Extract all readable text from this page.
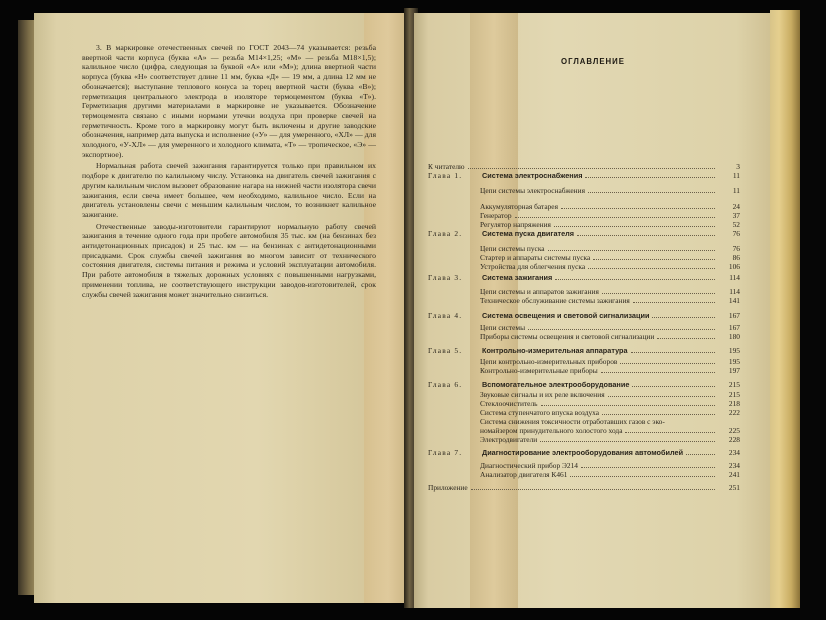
3. В маркировке отечественных свечей по ГОСТ 2043—74 указывается: резьба ввертной части корпуса (буква «А» — резьба М14×1,25; «М» — резьба М18×1,5); калильное число (цифра, следующая за буквой «А» или «М»); длина ввертной части корпуса (буква «Н» соответствует длине 11 мм, буква «Д» — 19 мм, а длина 12 мм не обозначается); выступание теплового конуса за торец ввертной части (буква «В»); герметизация центрального электрода в изоляторе термоцементом (буква «Т»). Герметизация другими материалами в маркировке не указывается. Обозначение термоцемента связано с иными нормами утечки воздуха при проверке свечей на герметичность. Кроме того в маркировку могут быть включены и другие заводские обозначения, например дата выпуска и исполнение («У» — для умеренного, «ХЛ» — для холодного, «У-ХЛ» — для умеренного и холодного климата, «Т» — тропическое, «Э» — экспортное).

Нормальная работа свечей зажигания гарантируется только при правильном их подборе к двигателю по калильному числу. Установка на двигатель свечей зажигания с другим калильным числом вызовет образование нагара на нижней части изолятора свечи зажигания, если свеча имеет большее, чем необходимо, калильное число. Если на двигатель установлены свечи с меньшим калильным числом, то возникнет калильное зажигание.

Отечественные заводы-изготовители гарантируют нормальную работу свечей зажигания в течение одного года при пробеге автомобиля 35 тыс. км (на бензинах без антидетонационных присадок) и 25 тыс. км — на бензинах с антидетонационными присадками. Срок службы свечей зажигания во многом зависит от технического состояния двигателя, системы питания и режима и условий эксплуатации автомобиля. При работе автомобиля в тяжелых дорожных условиях с повышенными нагрузками, применении топлива, не соответствующего инструкции заводов-изготовителей, срок службы свечей зажигания может значительно снизиться.

ОГЛАВЛЕНИЕ
К читателю	3
Глава 1.	Система электроснабжения	11
Цепи системы электроснабжения	11
Аккумуляторная батарея	24
Генератор	37
Регулятор напряжения	52
Глава 2.	Система пуска двигателя	76
Цепи системы пуска	76
Стартер и аппараты системы пуска	86
Устройства для облегчения пуска	106
Глава 3.	Система зажигания	114
Цепи системы и аппаратов зажигания	114
Техническое обслуживание системы зажигания	141
Глава 4.	Система освещения и световой сигнализации	167
Цепи системы	167
Приборы системы освещения и световой сигнализации	180
Глава 5.	Контрольно-измерительная аппаратура	195
Цепи контрольно-измерительных приборов	195
Контрольно-измерительные приборы	197
Глава 6.	Вспомогательное электрооборудование	215
Звуковые сигналы и их реле включения	215
Стеклоочиститель	218
Система ступенчатого впуска воздуха	222
Система снижения токсичности отработавших газов с эко-
номайзером принудительного холостого хода	225
Электродвигатели	228
Глава 7.	Диагностирование электрооборудования автомобилей	234
Диагностический прибор Э214	234
Анализатор двигателя К461	241
Приложение	251
